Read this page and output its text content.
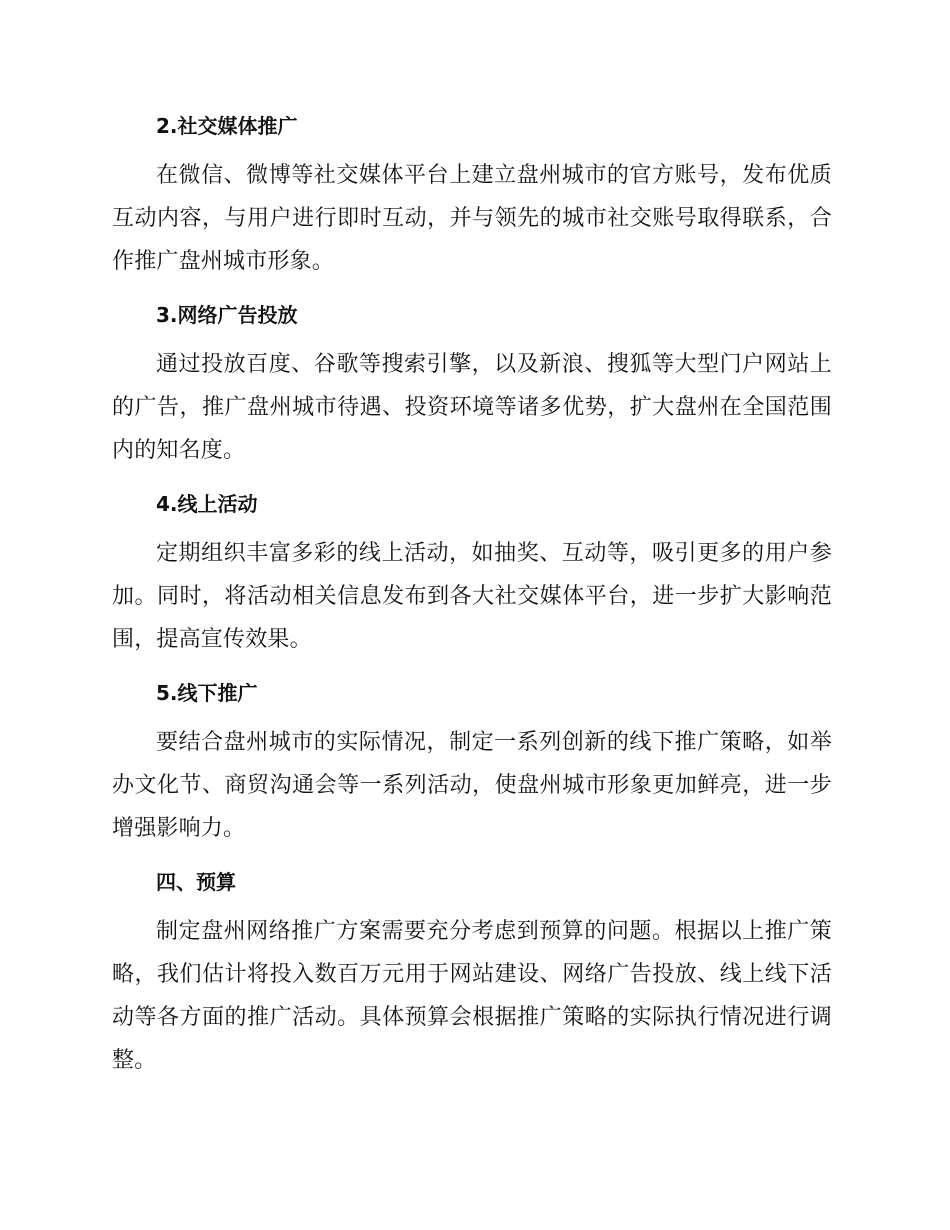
2.社交媒体推广

在微信、微博等社交媒体平台上建立盘州城市的官方账号，发布优质互动内容，与用户进行即时互动，并与领先的城市社交账号取得联系，合作推广盘州城市形象。

3.网络广告投放

通过投放百度、谷歌等搜索引擎，以及新浪、搜狐等大型门户网站上的广告，推广盘州城市待遇、投资环境等诸多优势，扩大盘州在全国范围内的知名度。

4.线上活动

定期组织丰富多彩的线上活动，如抽奖、互动等，吸引更多的用户参加。同时，将活动相关信息发布到各大社交媒体平台，进一步扩大影响范围，提高宣传效果。

5.线下推广

要结合盘州城市的实际情况，制定一系列创新的线下推广策略，如举办文化节、商贸沟通会等一系列活动，使盘州城市形象更加鲜亮，进一步增强影响力。

四、预算

制定盘州网络推广方案需要充分考虑到预算的问题。根据以上推广策略，我们估计将投入数百万元用于网站建设、网络广告投放、线上线下活动等各方面的推广活动。具体预算会根据推广策略的实际执行情况进行调整。
